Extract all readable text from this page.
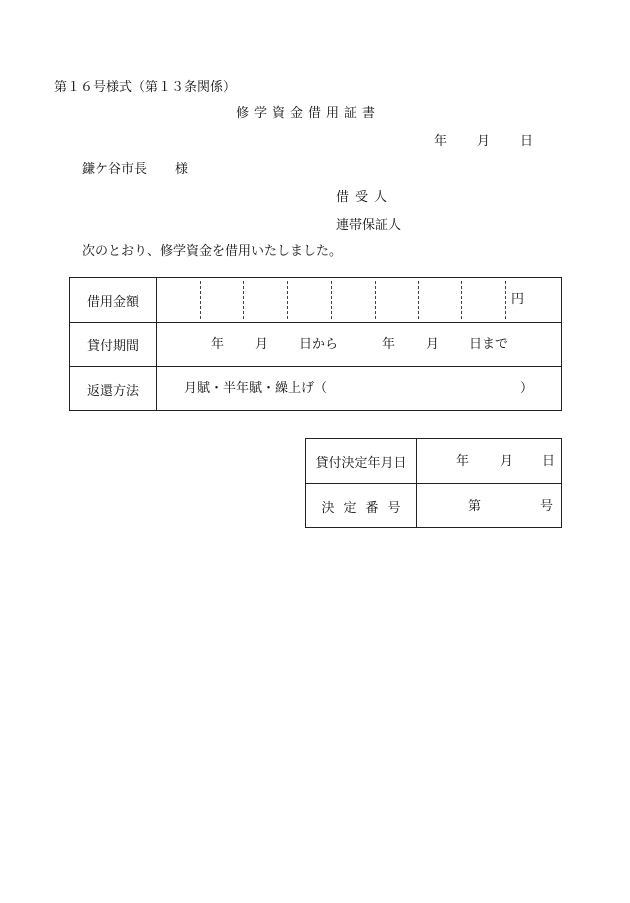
第１６号様式（第１３条関係）
修学資金借用証書
年 月 日
鎌ケ谷市長 様
借受人
連帯保証人
次のとおり、修学資金を借用いたしました。
借用金額	円
貸付期間	年 月 日から	年 月 日まで
返還方法	月賦・半年賦・繰上げ（	）
貸付決定年月日	年 月 日
決定番号	第	号
